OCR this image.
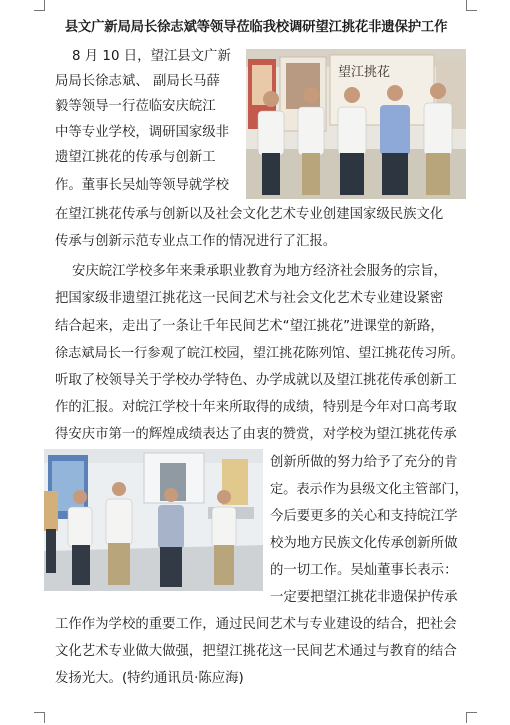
县文广新局局长徐志斌等领导莅临我校调研望江挑花非遗保护工作
望江挑花
8 月 10 日，望江县文广新
局局长徐志斌、 副局长马薛
毅等领导一行莅临安庆皖江
中等专业学校，调研国家级非
遗望江挑花的传承与创新工
作。董事长吴灿等领导就学校
在望江挑花传承与创新以及社会文化艺术专业创建国家级民族文化
传承与创新示范专业点工作的情况进行了汇报。
安庆皖江学校多年来秉承职业教育为地方经济社会服务的宗旨，
把国家级非遗望江挑花这一民间艺术与社会文化艺术专业建设紧密
结合起来，走出了一条让千年民间艺术“望江挑花”进课堂的新路，
徐志斌局长一行参观了皖江校园，望江挑花陈列馆、望江挑花传习所。
听取了校领导关于学校办学特色、办学成就以及望江挑花传承创新工
作的汇报。对皖江学校十年来所取得的成绩，特别是今年对口高考取
得安庆市第一的辉煌成绩表达了由衷的赞赏，对学校为望江挑花传承
创新所做的努力给予了充分的肯
定。表示作为县级文化主管部门，
今后要更多的关心和支持皖江学
校为地方民族文化传承创新所做
的一切工作。吴灿董事长表示：
一定要把望江挑花非遗保护传承
工作作为学校的重要工作，通过民间艺术与专业建设的结合，把社会
文化艺术专业做大做强，把望江挑花这一民间艺术通过与教育的结合
发扬光大。(特约通讯员·陈应海)
